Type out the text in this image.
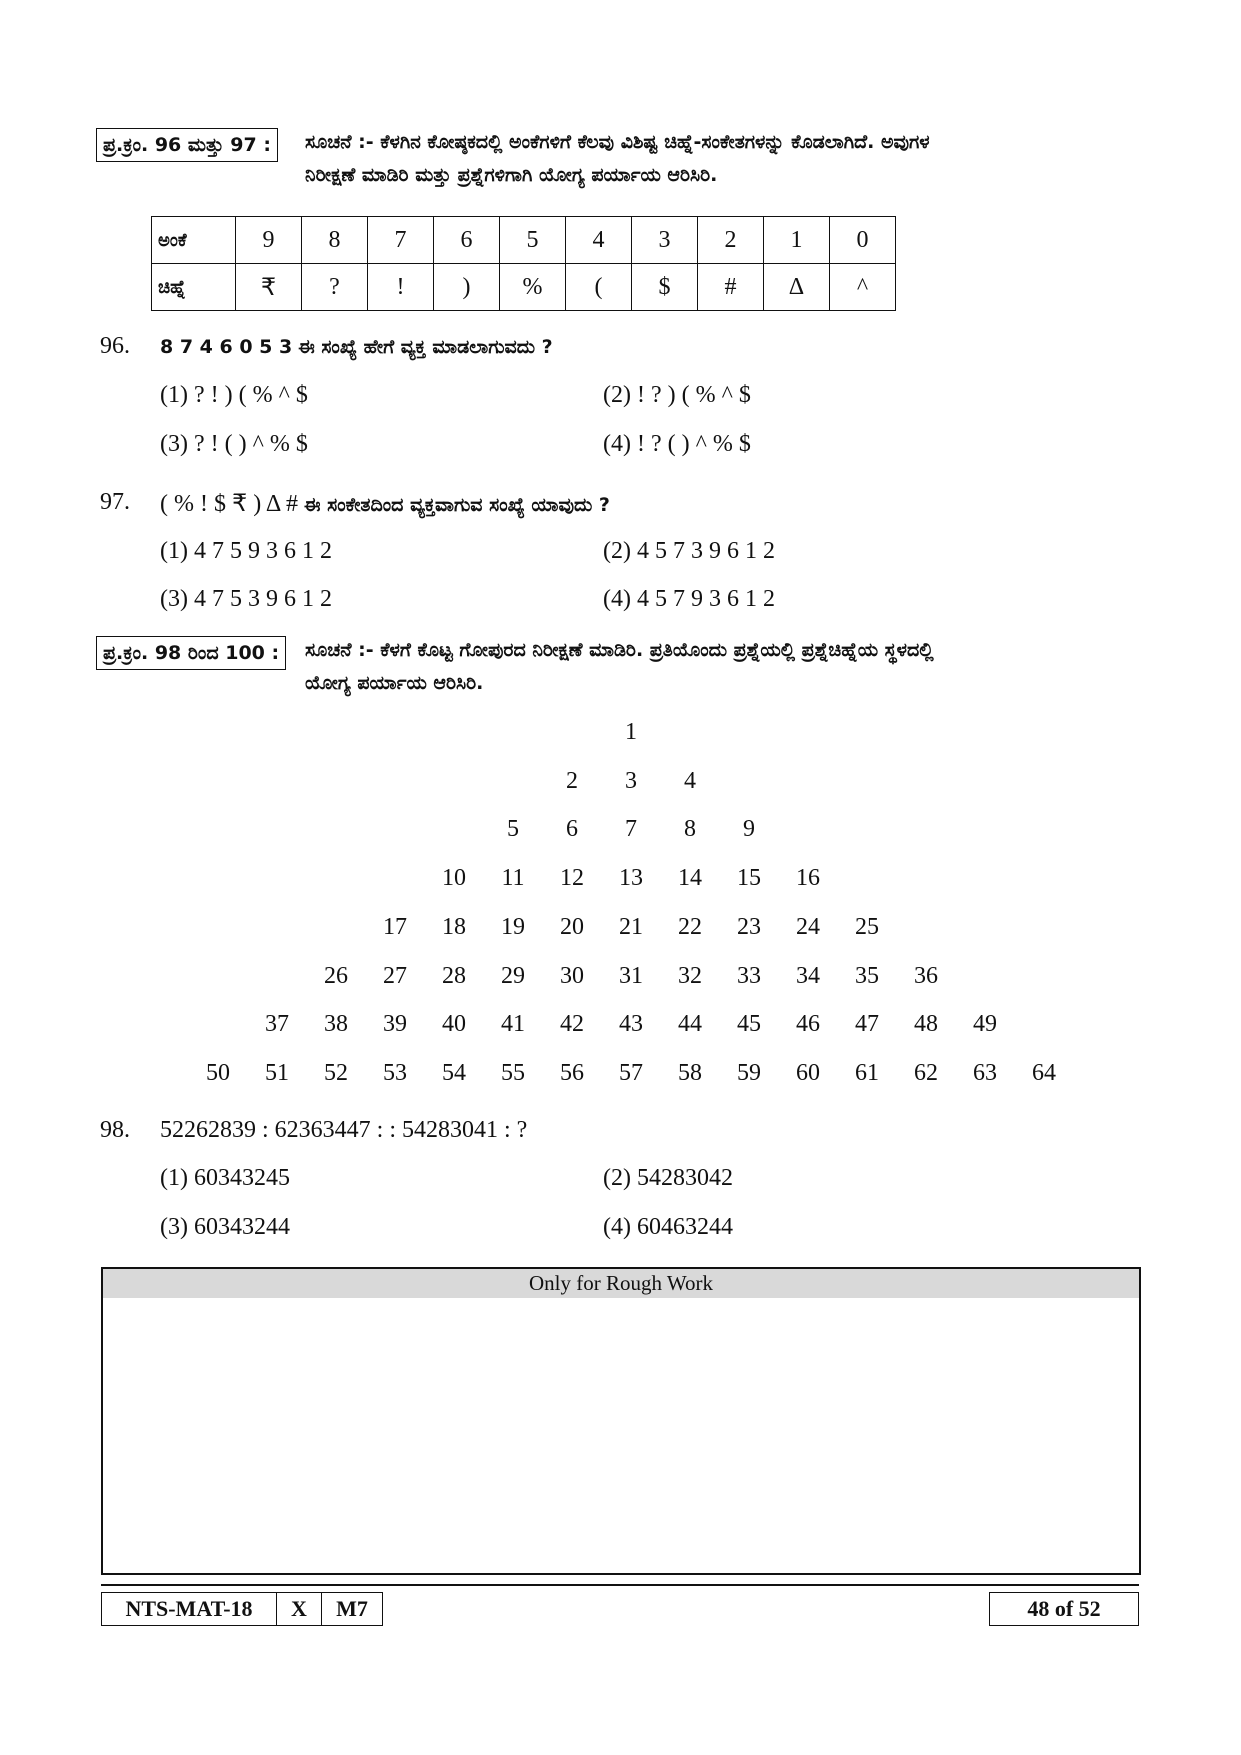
ಪ್ರ.ಕ್ರಂ. 96 ಮತ್ತು 97 :	ಸೂಚನೆ :- ಕೆಳಗಿನ ಕೋಷ್ಠಕದಲ್ಲಿ ಅಂಕೆಗಳಿಗೆ ಕೆಲವು ವಿಶಿಷ್ಟ ಚಿಹ್ನೆ-ಸಂಕೇತಗಳನ್ನು ಕೊಡಲಾಗಿದೆ. ಅವುಗಳ
ನಿರೀಕ್ಷಣೆ ಮಾಡಿರಿ ಮತ್ತು ಪ್ರಶ್ನೆಗಳಿಗಾಗಿ ಯೋಗ್ಯ ಪರ್ಯಾಯ ಆರಿಸಿರಿ.
ಅಂಕೆ	9	8	7	6	5	4	3	2	1	0
ಚಿಹ್ನೆ	₹	?	!	)	%	(	$	#	Δ	^
96. 8 7 4 6 0 5 3 ಈ ಸಂಖ್ಯೆ ಹೇಗೆ ವ್ಯಕ್ತ ಮಾಡಲಾಗುವದು ?
(1) ? ! ) ( % ^ $	(2) ! ? ) ( % ^ $
(3) ? ! ( ) ^ % $	(4) ! ? ( ) ^ % $
97. ( % ! $ ₹ ) Δ # ಈ ಸಂಕೇತದಿಂದ ವ್ಯಕ್ತವಾಗುವ ಸಂಖ್ಯೆ ಯಾವುದು ?
(1) 4 7 5 9 3 6 1 2	(2) 4 5 7 3 9 6 1 2
(3) 4 7 5 3 9 6 1 2	(4) 4 5 7 9 3 6 1 2
ಪ್ರ.ಕ್ರಂ. 98 ರಿಂದ 100 :	ಸೂಚನೆ :- ಕೆಳಗೆ ಕೊಟ್ಟ ಗೋಪುರದ ನಿರೀಕ್ಷಣೆ ಮಾಡಿರಿ. ಪ್ರತಿಯೊಂದು ಪ್ರಶ್ನೆಯಲ್ಲಿ ಪ್ರಶ್ನೆಚಿಹ್ನೆಯ ಸ್ಥಳದಲ್ಲಿ
ಯೋಗ್ಯ ಪರ್ಯಾಯ ಆರಿಸಿರಿ.
1
2	3	4
5	6	7	8	9
10	11	12	13	14	15	16
17	18	19	20	21	22	23	24	25
26	27	28	29	30	31	32	33	34	35	36
37	38	39	40	41	42	43	44	45	46	47	48	49
50	51	52	53	54	55	56	57	58	59	60	61	62	63	64
98. 52262839 : 62363447 : : 54283041 : ?
(1) 60343245	(2) 54283042
(3) 60343244	(4) 60463244
Only for Rough Work
NTS-MAT-18	X	M7	48 of 52
